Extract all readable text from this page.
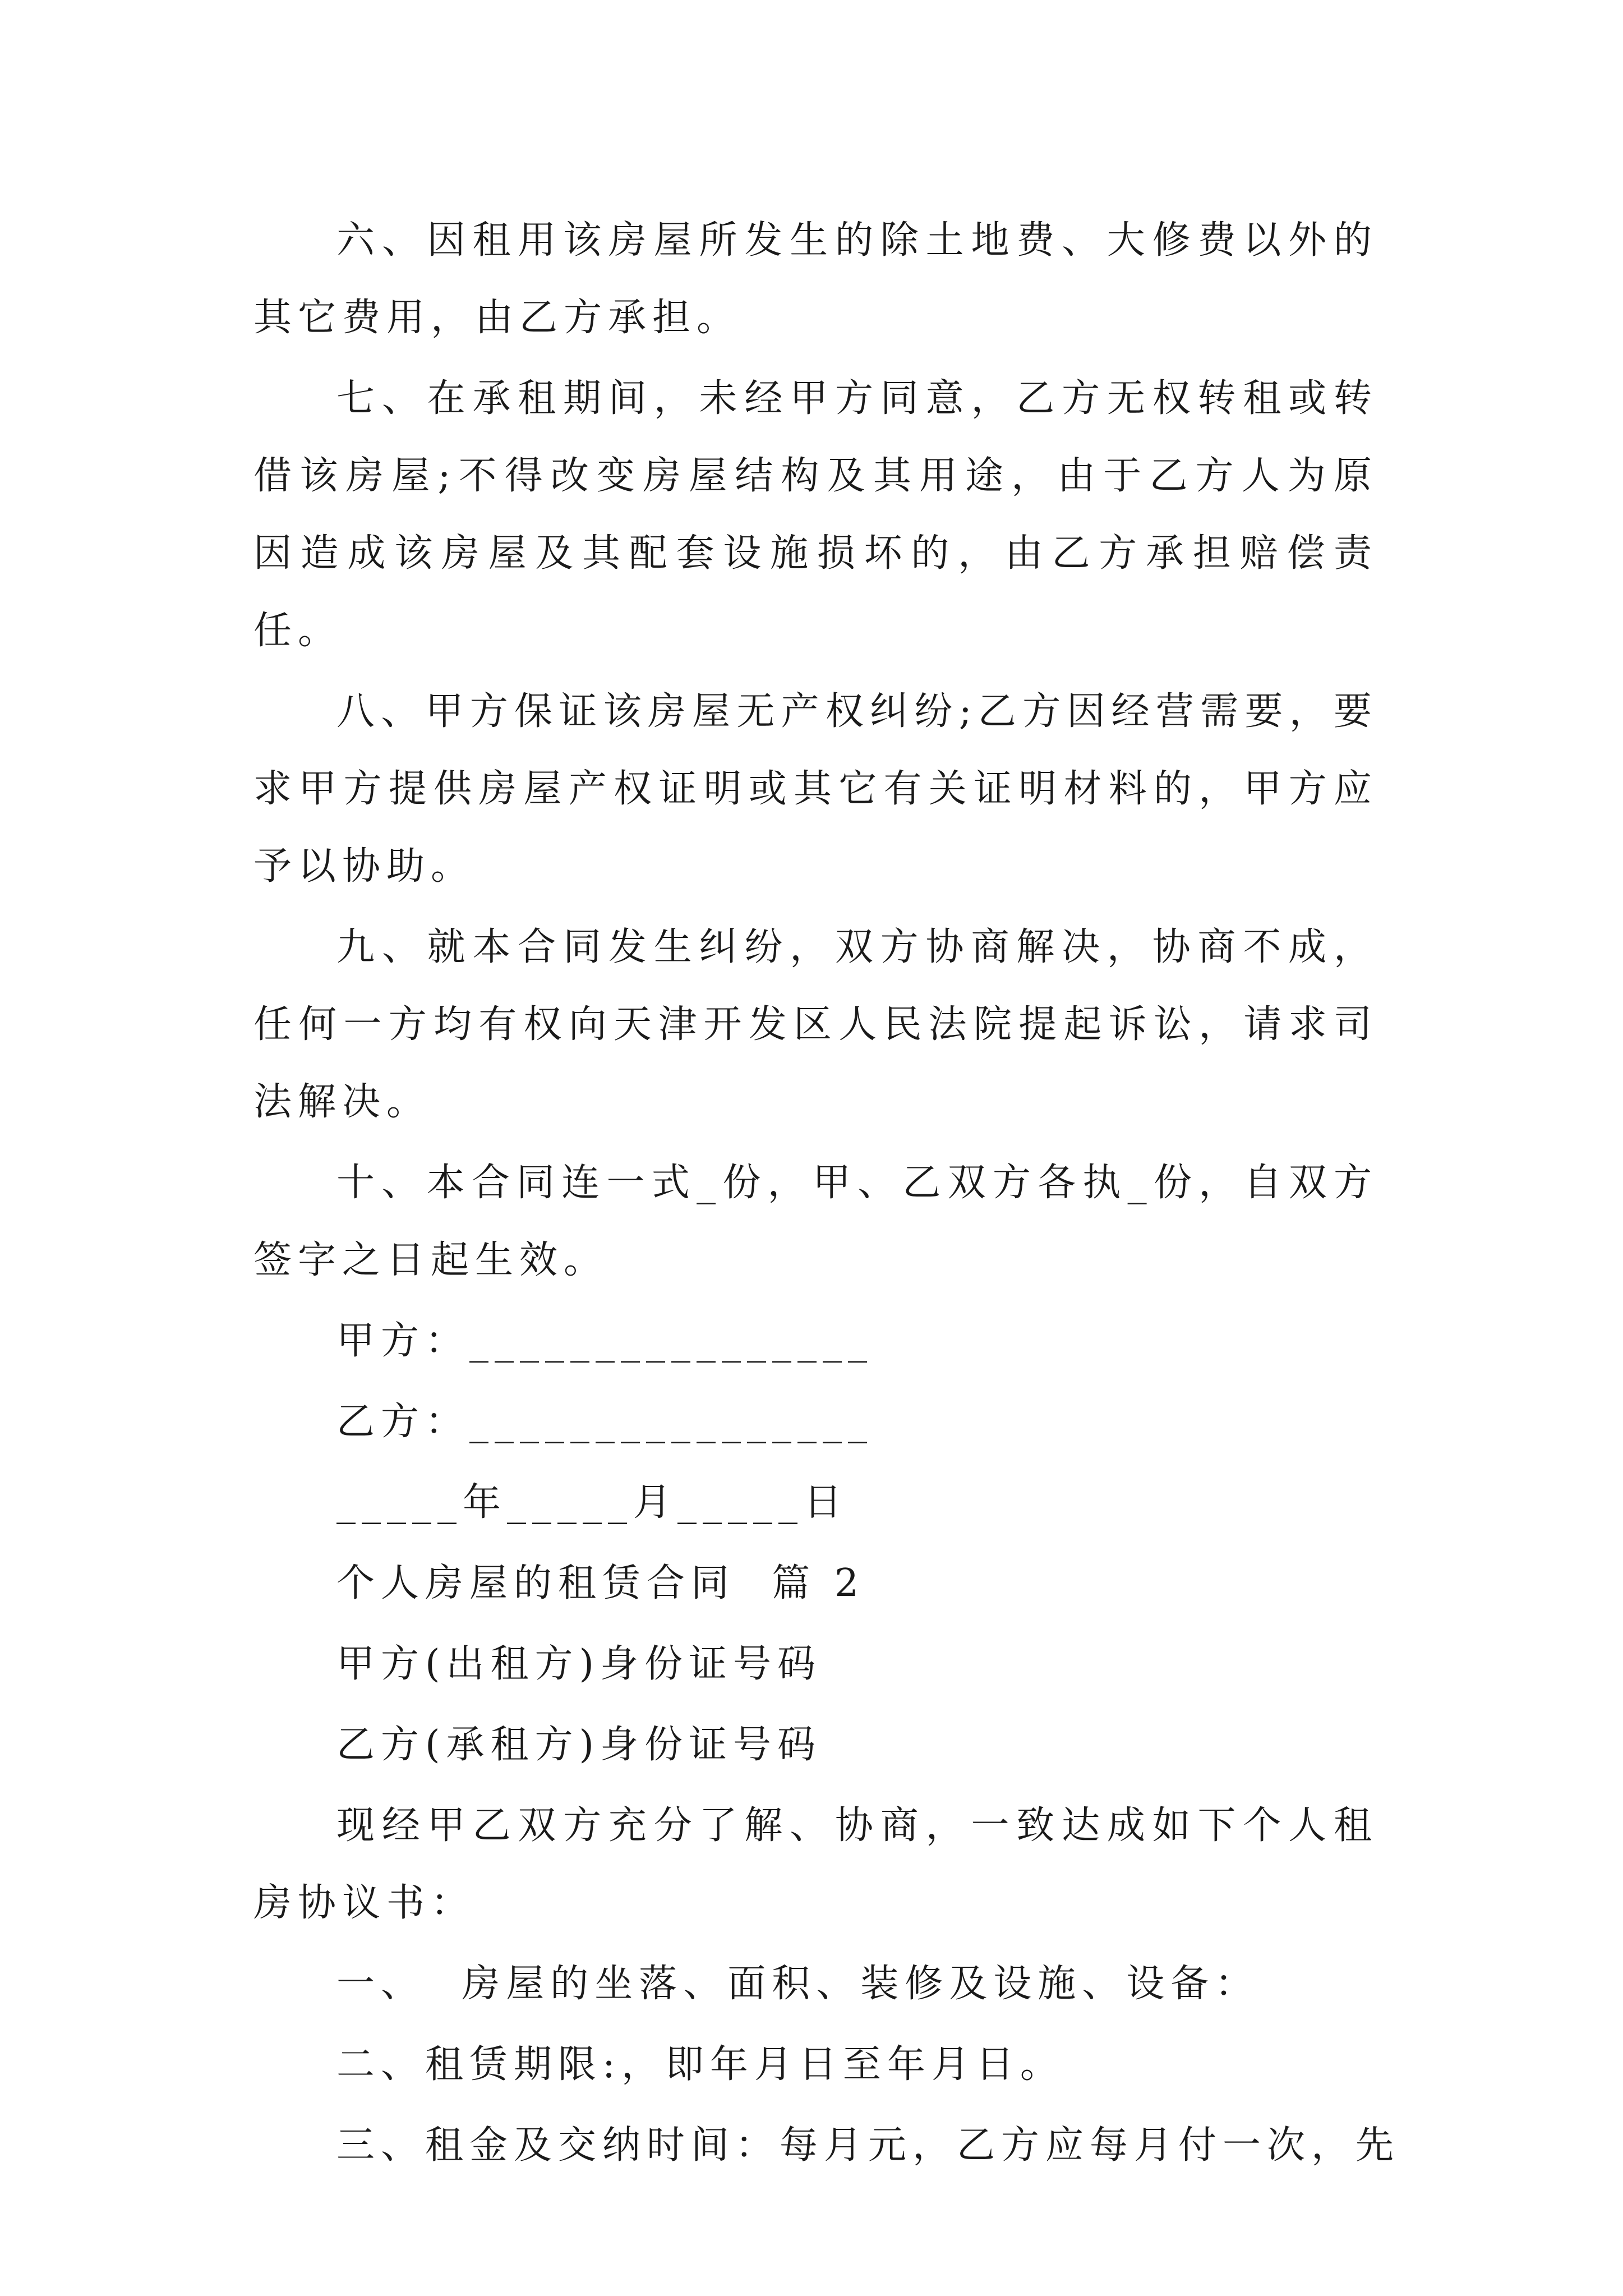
六、因租用该房屋所发生的除土地费、大修费以外的其它费用，由乙方承担。

七、在承租期间，未经甲方同意，乙方无权转租或转借该房屋;不得改变房屋结构及其用途，由于乙方人为原因造成该房屋及其配套设施损坏的，由乙方承担赔偿责任。

八、甲方保证该房屋无产权纠纷;乙方因经营需要，要求甲方提供房屋产权证明或其它有关证明材料的，甲方应予以协助。

九、就本合同发生纠纷，双方协商解决，协商不成，任何一方均有权向天津开发区人民法院提起诉讼，请求司法解决。

十、本合同连一式_份，甲、乙双方各执_份，自双方签字之日起生效。

甲方：________________
乙方：________________
_____年_____月_____日
个人房屋的租赁合同  篇 2
甲方(出租方)身份证号码
乙方(承租方)身份证号码

现经甲乙双方充分了解、协商，一致达成如下个人租房协议书：

一、  房屋的坐落、面积、装修及设施、设备：
二、租赁期限:，即年月日至年月日。
三、租金及交纳时间：每月元，乙方应每月付一次，先
